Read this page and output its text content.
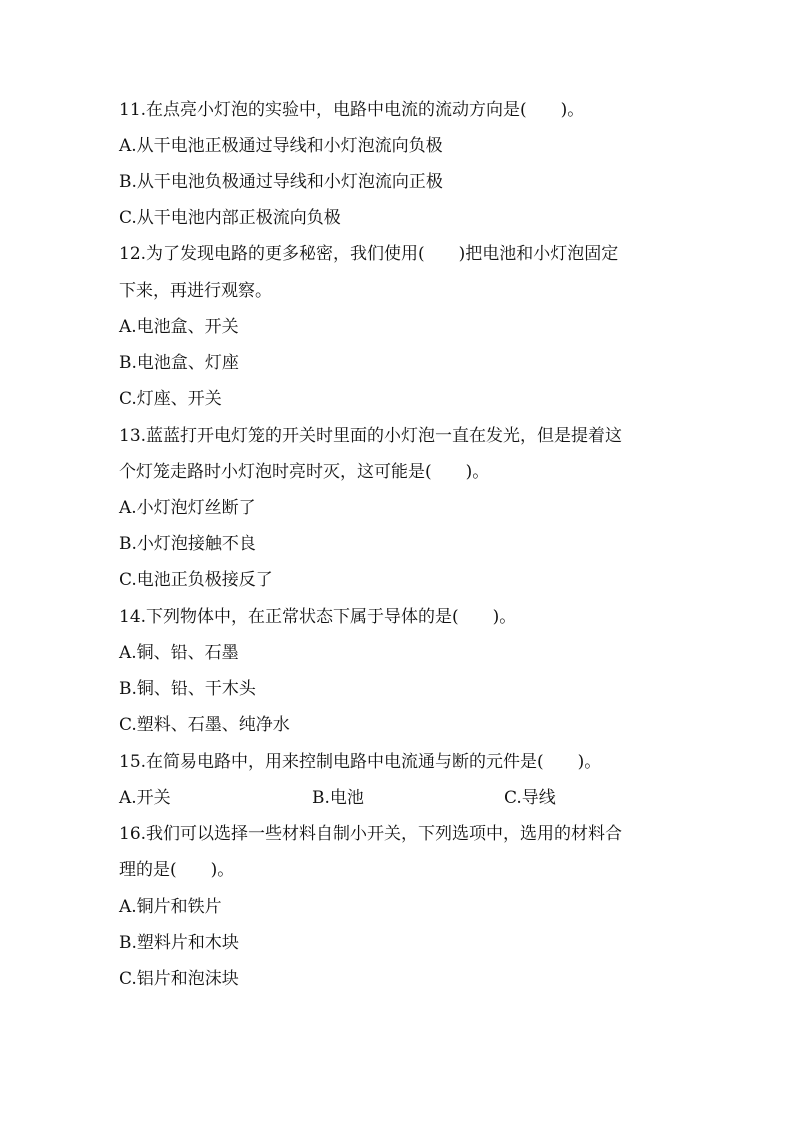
11.在点亮小灯泡的实验中，电路中电流的流动方向是(　　)。
A.从干电池正极通过导线和小灯泡流向负极
B.从干电池负极通过导线和小灯泡流向正极
C.从干电池内部正极流向负极
12.为了发现电路的更多秘密，我们使用(　　)把电池和小灯泡固定
下来，再进行观察。
A.电池盒、开关
B.电池盒、灯座
C.灯座、开关
13.蓝蓝打开电灯笼的开关时里面的小灯泡一直在发光，但是提着这
个灯笼走路时小灯泡时亮时灭，这可能是(　　)。
A.小灯泡灯丝断了
B.小灯泡接触不良
C.电池正负极接反了
14.下列物体中，在正常状态下属于导体的是(　　)。
A.铜、铅、石墨
B.铜、铅、干木头
C.塑料、石墨、纯净水
15.在简易电路中，用来控制电路中电流通与断的元件是(　　)。
A.开关	B.电池	C.导线
16.我们可以选择一些材料自制小开关，下列选项中，选用的材料合
理的是(　　)。
A.铜片和铁片
B.塑料片和木块
C.铝片和泡沫块
